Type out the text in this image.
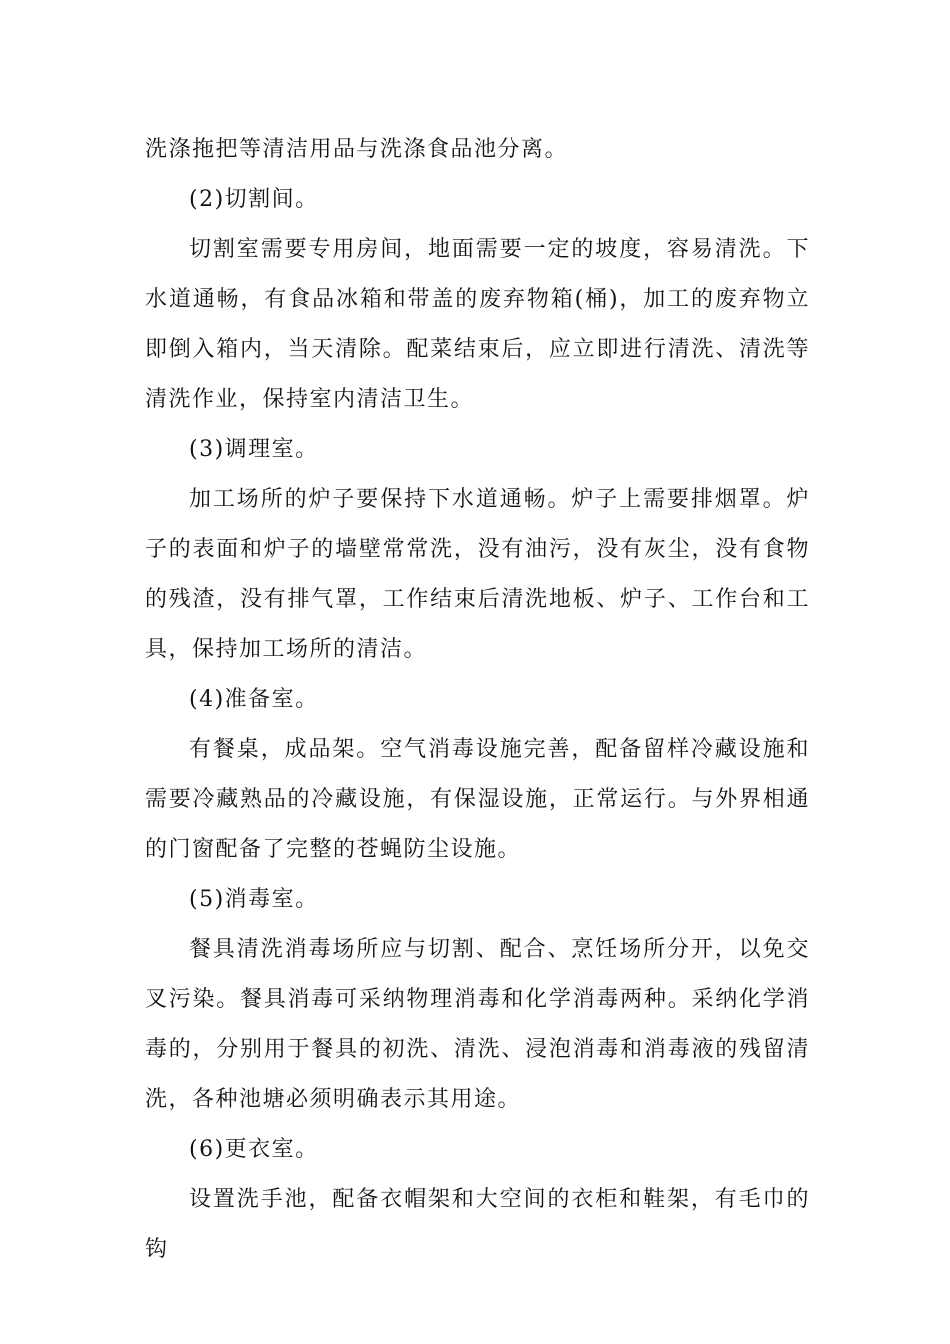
洗涤拖把等清洁用品与洗涤食品池分离。

(2)切割间。

切割室需要专用房间，地面需要一定的坡度，容易清洗。下水道通畅，有食品冰箱和带盖的废弃物箱(桶)，加工的废弃物立即倒入箱内，当天清除。配菜结束后，应立即进行清洗、清洗等清洗作业，保持室内清洁卫生。

(3)调理室。

加工场所的炉子要保持下水道通畅。炉子上需要排烟罩。炉子的表面和炉子的墙壁常常洗，没有油污，没有灰尘，没有食物的残渣，没有排气罩，工作结束后清洗地板、炉子、工作台和工具，保持加工场所的清洁。

(4)准备室。

有餐桌，成品架。空气消毒设施完善，配备留样冷藏设施和需要冷藏熟品的冷藏设施，有保湿设施，正常运行。与外界相通的门窗配备了完整的苍蝇防尘设施。

(5)消毒室。

餐具清洗消毒场所应与切割、配合、烹饪场所分开，以免交叉污染。餐具消毒可采纳物理消毒和化学消毒两种。采纳化学消毒的，分别用于餐具的初洗、清洗、浸泡消毒和消毒液的残留清洗，各种池塘必须明确表示其用途。

(6)更衣室。

设置洗手池，配备衣帽架和大空间的衣柜和鞋架，有毛巾的钩
